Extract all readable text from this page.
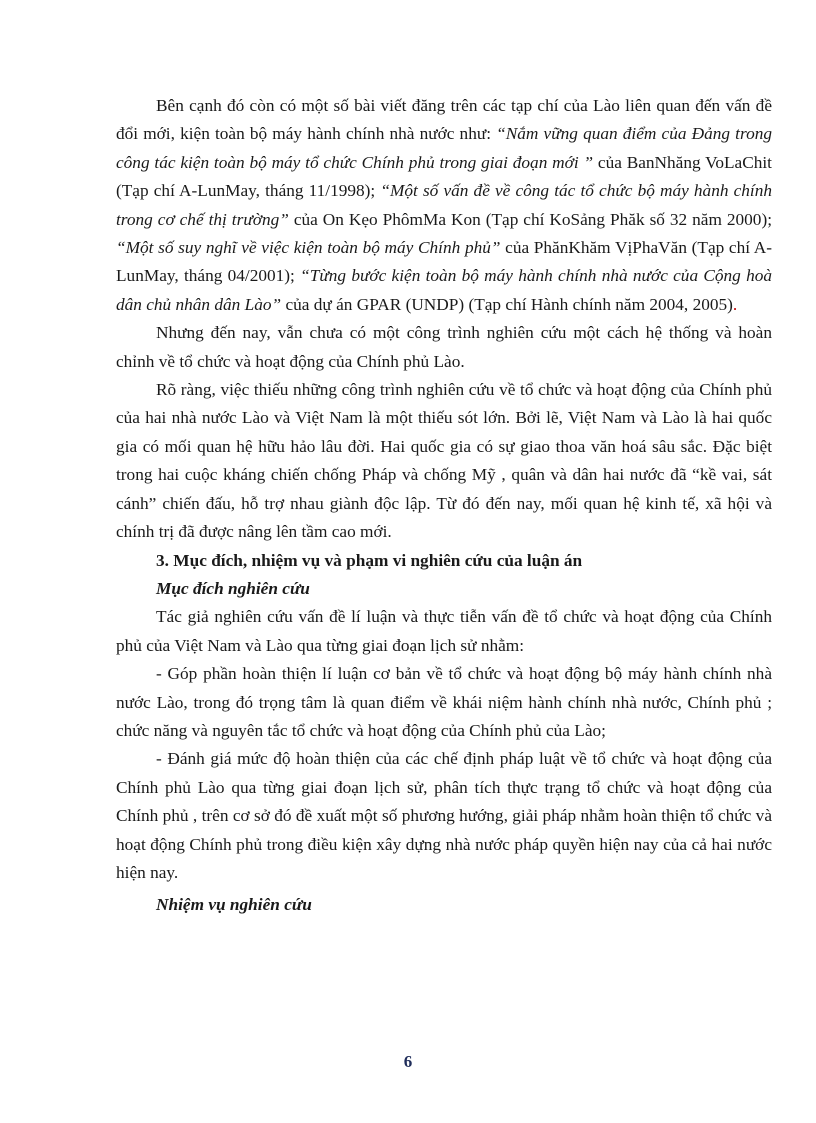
Bên cạnh đó còn có một số bài viết đăng trên các tạp chí của Lào liên quan đến vấn đề đổi mới, kiện toàn bộ máy hành chính nhà nước như: “Nắm vững quan điểm của Đảng trong công tác kiện toàn bộ máy tổ chức Chính phủ trong giai đoạn mới ” của BanNhăng VoLaChit (Tạp chí A-LunMay, tháng 11/1998); “Một số vấn đề về công tác tổ chức bộ máy hành chính trong cơ chế thị trường” của On Kẹo PhômMa Kon (Tạp chí KoSảng Phăk số 32 năm 2000); “Một số suy nghĩ về việc kiện toàn bộ máy Chính phủ” của PhănKhăm VịPhaVăn (Tạp chí A-LunMay, tháng 04/2001); “Từng bước kiện toàn bộ máy hành chính nhà nước của Cộng hoà dân chủ nhân dân Lào” của dự án GPAR (UNDP) (Tạp chí Hành chính năm 2004, 2005).

Nhưng đến nay, vẫn chưa có một công trình nghiên cứu một cách hệ thống và hoàn chỉnh về tổ chức và hoạt động của Chính phủ Lào.

Rõ ràng, việc thiếu những công trình nghiên cứu về tổ chức và hoạt động của Chính phủ của hai nhà nước Lào và Việt Nam là một thiếu sót lớn. Bởi lẽ, Việt Nam và Lào là hai quốc gia có mối quan hệ hữu hảo lâu đời. Hai quốc gia có sự giao thoa văn hoá sâu sắc. Đặc biệt trong hai cuộc kháng chiến chống Pháp và chống Mỹ , quân và dân hai nước đã “kề vai, sát cánh” chiến đấu, hỗ trợ nhau giành độc lập. Từ đó đến nay, mối quan hệ kinh tế, xã hội và chính trị đã được nâng lên tầm cao mới.

3. Mục đích, nhiệm vụ và phạm vi nghiên cứu của luận án
Mục đích nghiên cứu

Tác giả nghiên cứu vấn đề lí luận và thực tiễn vấn đề tổ chức và hoạt động của Chính phủ của Việt Nam và Lào qua từng giai đoạn lịch sử nhằm:

- Góp phần hoàn thiện lí luận cơ bản về tổ chức và hoạt động bộ máy hành chính nhà nước Lào, trong đó trọng tâm là quan điểm về khái niệm hành chính nhà nước, Chính phủ ; chức năng và nguyên tắc tổ chức và hoạt động của Chính phủ của Lào;

- Đánh giá mức độ hoàn thiện của các chế định pháp luật về tổ chức và hoạt động của Chính phủ Lào qua từng giai đoạn lịch sử, phân tích thực trạng tổ chức và hoạt động của Chính phủ , trên cơ sở đó đề xuất một số phương hướng, giải pháp nhằm hoàn thiện tổ chức và hoạt động Chính phủ trong điều kiện xây dựng nhà nước pháp quyền hiện nay của cả hai nước hiện nay.

Nhiệm vụ nghiên cứu
6
